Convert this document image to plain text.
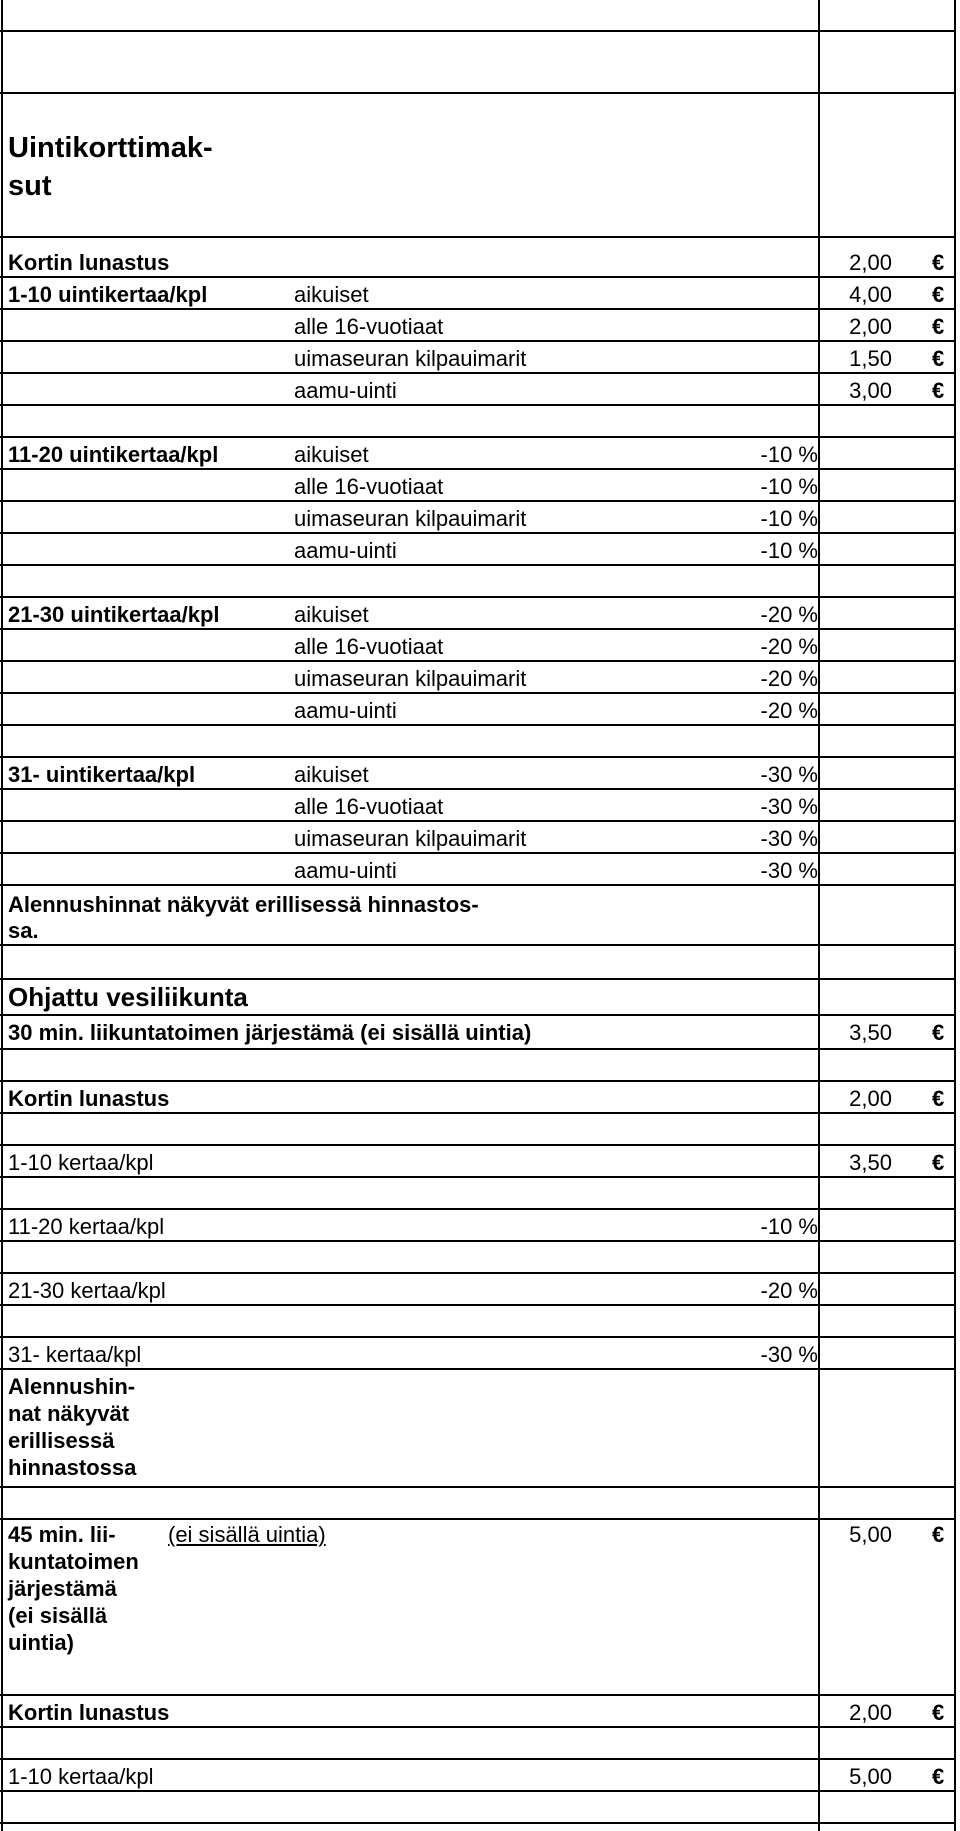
Uintikorttimak-
sut
Kortin lunastus	2,00 €
1-10 uintikertaa/kpl	aikuiset	4,00 €
alle 16-vuotiaat	2,00 €
uimaseuran kilpauimarit	1,50 €
aamu-uinti	3,00 €
11-20 uintikertaa/kpl	aikuiset	-10 %
alle 16-vuotiaat	-10 %
uimaseuran kilpauimarit	-10 %
aamu-uinti	-10 %
21-30 uintikertaa/kpl	aikuiset	-20 %
alle 16-vuotiaat	-20 %
uimaseuran kilpauimarit	-20 %
aamu-uinti	-20 %
31- uintikertaa/kpl	aikuiset	-30 %
alle 16-vuotiaat	-30 %
uimaseuran kilpauimarit	-30 %
aamu-uinti	-30 %
Alennushinnat näkyvät erillisessä hinnastos-
sa.
Ohjattu vesiliikunta
30 min. liikuntatoimen järjestämä (ei sisällä uintia)	3,50 €
Kortin lunastus	2,00 €
1-10 kertaa/kpl	3,50 €
11-20 kertaa/kpl	-10 %
21-30 kertaa/kpl	-20 %
31- kertaa/kpl	-30 %
Alennushin-
nat näkyvät
erillisessä
hinnastossa
45 min. lii-
kuntatoimen
järjestämä
(ei sisällä
uintia)
(ei sisällä uintia)	5,00 €
Kortin lunastus	2,00 €
1-10 kertaa/kpl	5,00 €
